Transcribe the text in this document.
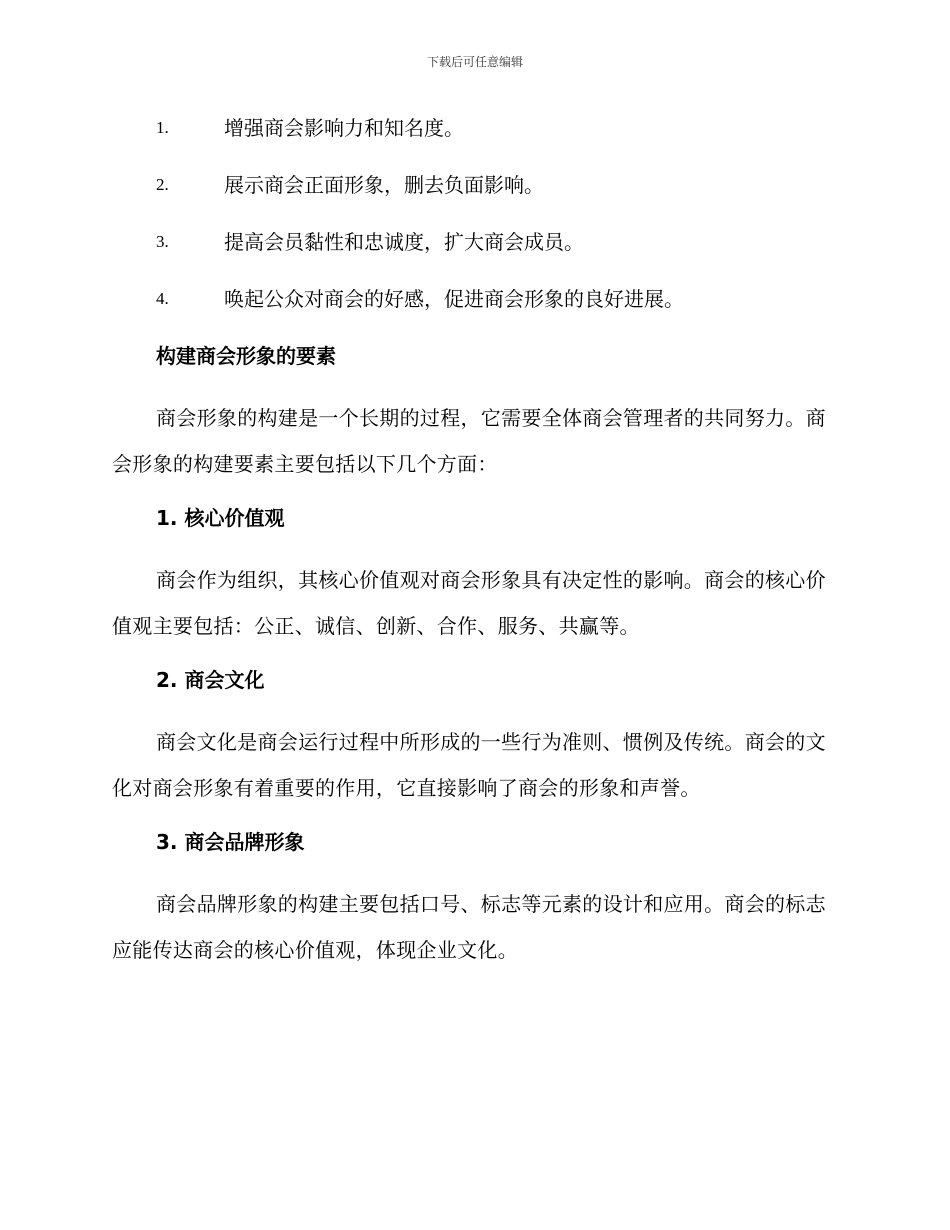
下载后可任意编辑
1.	增强商会影响力和知名度。
2.	展示商会正面形象，删去负面影响。
3.	提高会员黏性和忠诚度，扩大商会成员。
4.	唤起公众对商会的好感，促进商会形象的良好进展。
构建商会形象的要素

商会形象的构建是一个长期的过程，它需要全体商会管理者的共同努力。商会形象的构建要素主要包括以下几个方面：

1. 核心价值观

商会作为组织，其核心价值观对商会形象具有决定性的影响。商会的核心价值观主要包括：公正、诚信、创新、合作、服务、共赢等。

2. 商会文化

商会文化是商会运行过程中所形成的一些行为准则、惯例及传统。商会的文化对商会形象有着重要的作用，它直接影响了商会的形象和声誉。

3. 商会品牌形象

商会品牌形象的构建主要包括口号、标志等元素的设计和应用。商会的标志应能传达商会的核心价值观，体现企业文化。
